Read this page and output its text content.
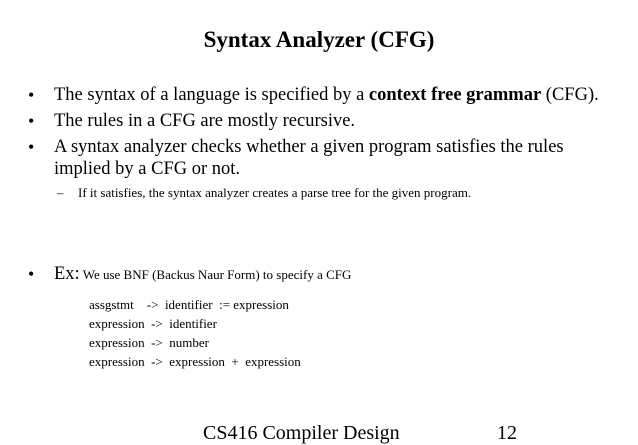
Syntax Analyzer (CFG)
• The syntax of a language is specified by a context free grammar (CFG).
• The rules in a CFG are mostly recursive.
• A syntax analyzer checks whether a given program satisfies the rules implied by a CFG or not.
– If it satisfies, the syntax analyzer creates a parse tree for the given program.
• Ex: We use BNF (Backus Naur Form) to specify a CFG
assgstmt    ->  identifier  := expression
expression  ->  identifier
expression  ->  number
expression  ->  expression  +  expression
CS416 Compiler Design	12
